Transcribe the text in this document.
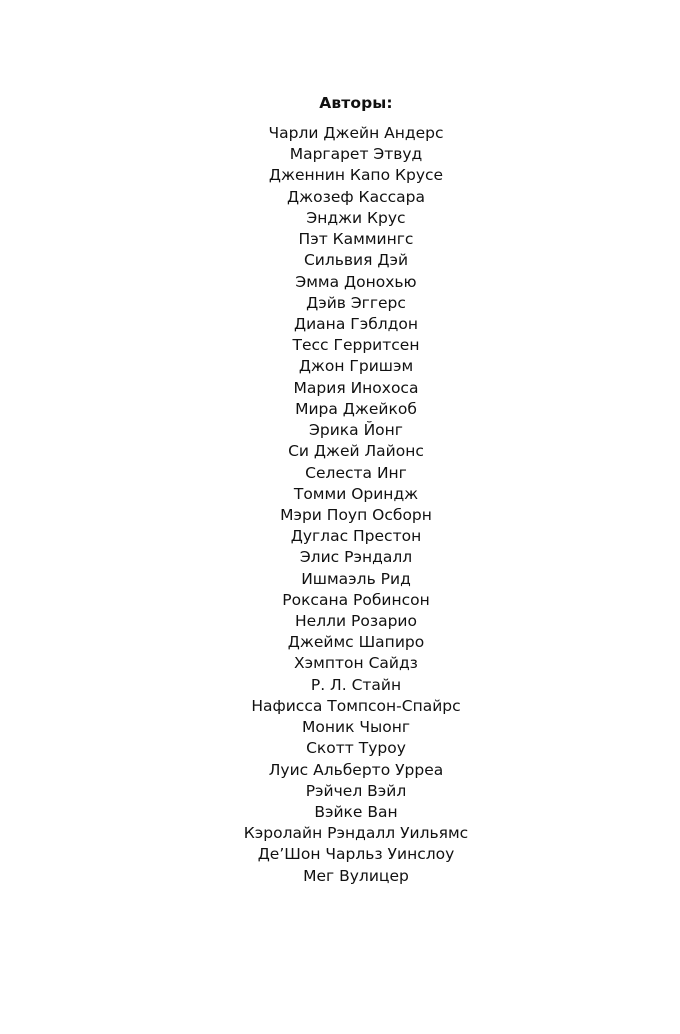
Авторы:
Чарли Джейн Андерс
Маргарет Этвуд
Дженнин Капо Крусе
Джозеф Кассара
Энджи Крус
Пэт Каммингс
Сильвия Дэй
Эмма Донохью
Дэйв Эггерс
Диана Гэблдон
Тесс Герритсен
Джон Гришэм
Мария Инохоса
Мира Джейкоб
Эрика Йонг
Си Джей Лайонс
Селеста Инг
Томми Ориндж
Мэри Поуп Осборн
Дуглас Престон
Элис Рэндалл
Ишмаэль Рид
Роксана Робинсон
Нелли Розарио
Джеймс Шапиро
Хэмптон Сайдз
Р. Л. Стайн
Нафисса Томпсон-Спайрс
Моник Чыонг
Скотт Туроу
Луис Альберто Урреа
Рэйчел Вэйл
Вэйке Ван
Кэролайн Рэндалл Уильямс
Де’Шон Чарльз Уинслоу
Мег Вулицер
